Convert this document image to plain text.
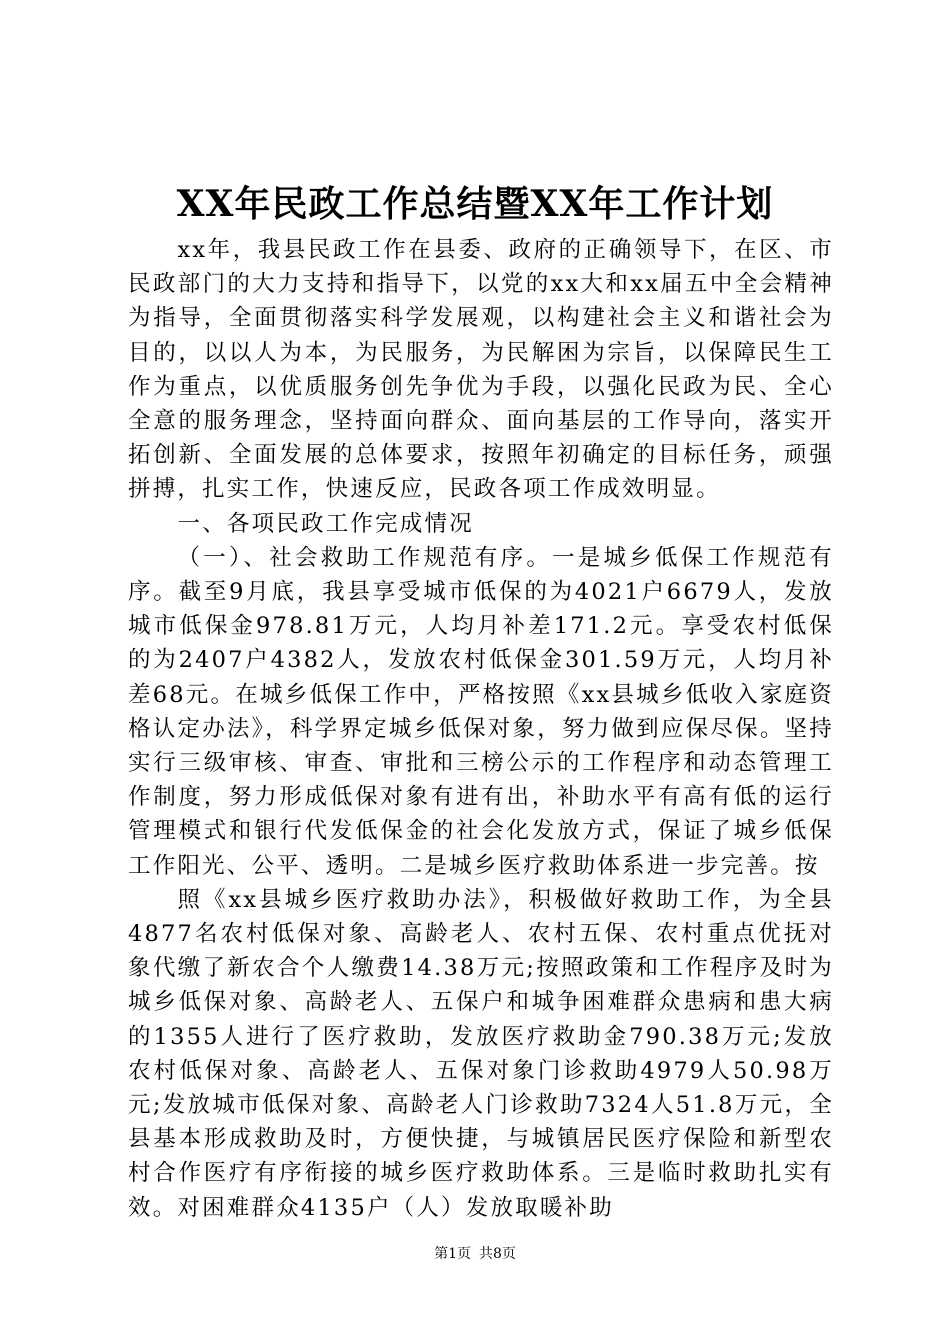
XX年民政工作总结暨XX年工作计划

xx年，我县民政工作在县委、政府的正确领导下，在区、市民政部门的大力支持和指导下，以党的xx大和xx届五中全会精神为指导，全面贯彻落实科学发展观，以构建社会主义和谐社会为目的，以以人为本，为民服务，为民解困为宗旨，以保障民生工作为重点，以优质服务创先争优为手段，以强化民政为民、全心全意的服务理念，坚持面向群众、面向基层的工作导向，落实开拓创新、全面发展的总体要求，按照年初确定的目标任务，顽强拼搏，扎实工作，快速反应，民政各项工作成效明显。

一、各项民政工作完成情况

（一）、社会救助工作规范有序。一是城乡低保工作规范有序。截至9月底，我县享受城市低保的为4021户6679人，发放城市低保金978.81万元，人均月补差171.2元。享受农村低保的为2407户4382人，发放农村低保金301.59万元，人均月补差68元。在城乡低保工作中，严格按照《xx县城乡低收入家庭资格认定办法》，科学界定城乡低保对象，努力做到应保尽保。坚持实行三级审核、审查、审批和三榜公示的工作程序和动态管理工作制度，努力形成低保对象有进有出，补助水平有高有低的运行管理模式和银行代发低保金的社会化发放方式，保证了城乡低保工作阳光、公平、透明。二是城乡医疗救助体系进一步完善。按

照《xx县城乡医疗救助办法》，积极做好救助工作，为全县4877名农村低保对象、高龄老人、农村五保、农村重点优抚对象代缴了新农合个人缴费14.38万元;按照政策和工作程序及时为城乡低保对象、高龄老人、五保户和城争困难群众患病和患大病的1355人进行了医疗救助，发放医疗救助金790.38万元;发放农村低保对象、高龄老人、五保对象门诊救助4979人50.98万元;发放城市低保对象、高龄老人门诊救助7324人51.8万元，全县基本形成救助及时，方便快捷，与城镇居民医疗保险和新型农村合作医疗有序衔接的城乡医疗救助体系。三是临时救助扎实有效。对困难群众4135户（人）发放取暖补助

第1页 共8页
